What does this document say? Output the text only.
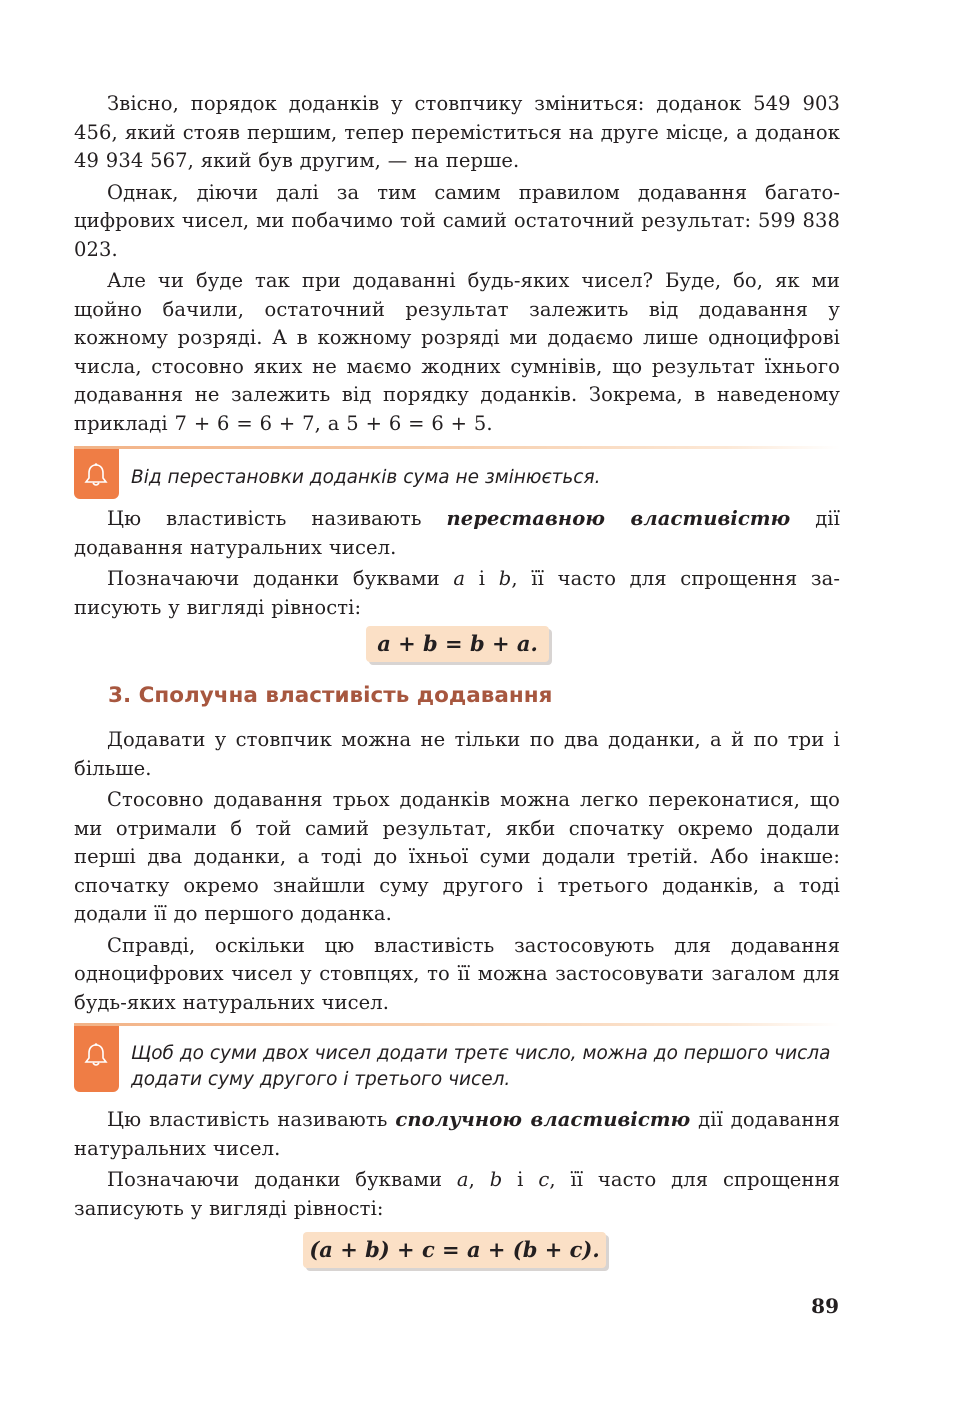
Звісно, порядок доданків у стовпчику зміниться: доданок 549 903 456, який стояв першим, тепер переміститься на друге місце, а доданок 49 934 567, який був другим, — на перше.

Однак, діючи далі за тим самим правилом додавання багатоцифрових чисел, ми побачимо той самий остаточний результат: 599 838 023.

Але чи буде так при додаванні будь-яких чисел? Буде, бо, як ми щойно бачили, остаточний результат залежить від додавання у кожному розряді. А в кожному розряді ми додаємо лише одноцифрові числа, стосовно яких не маємо жодних сумнівів, що результат їхнього додавання не залежить від порядку доданків. Зокрема, в наведеному прикладі 7 + 6 = 6 + 7, а 5 + 6 = 6 + 5.

Від перестановки доданків сума не змінюється.

Цю властивість називають переставною властивістю дії додавання натуральних чисел.

Позначаючи доданки буквами a і b, її часто для спрощення записують у вигляді рівності:

a + b = b + a.
3. Сполучна властивість додавання

Додавати у стовпчик можна не тільки по два доданки, а й по три і більше.

Стосовно додавання трьох доданків можна легко переконатися, що ми отримали б той самий результат, якби спочатку окремо додали перші два доданки, а тоді до їхньої суми додали третій. Або інакше: спочатку окремо знайшли суму другого і третього доданків, а тоді додали її до першого доданка.

Справді, оскільки цю властивість застосовують для додавання одноцифрових чисел у стовпцях, то її можна застосовувати загалом для будь-яких натуральних чисел.

Щоб до суми двох чисел додати третє число, можна до першого числа додати суму другого і третього чисел.

Цю властивість називають сполучною властивістю дії додавання натуральних чисел.

Позначаючи доданки буквами a, b і c, її часто для спрощення записують у вигляді рівності:

(a + b) + c = a + (b + c).
89
